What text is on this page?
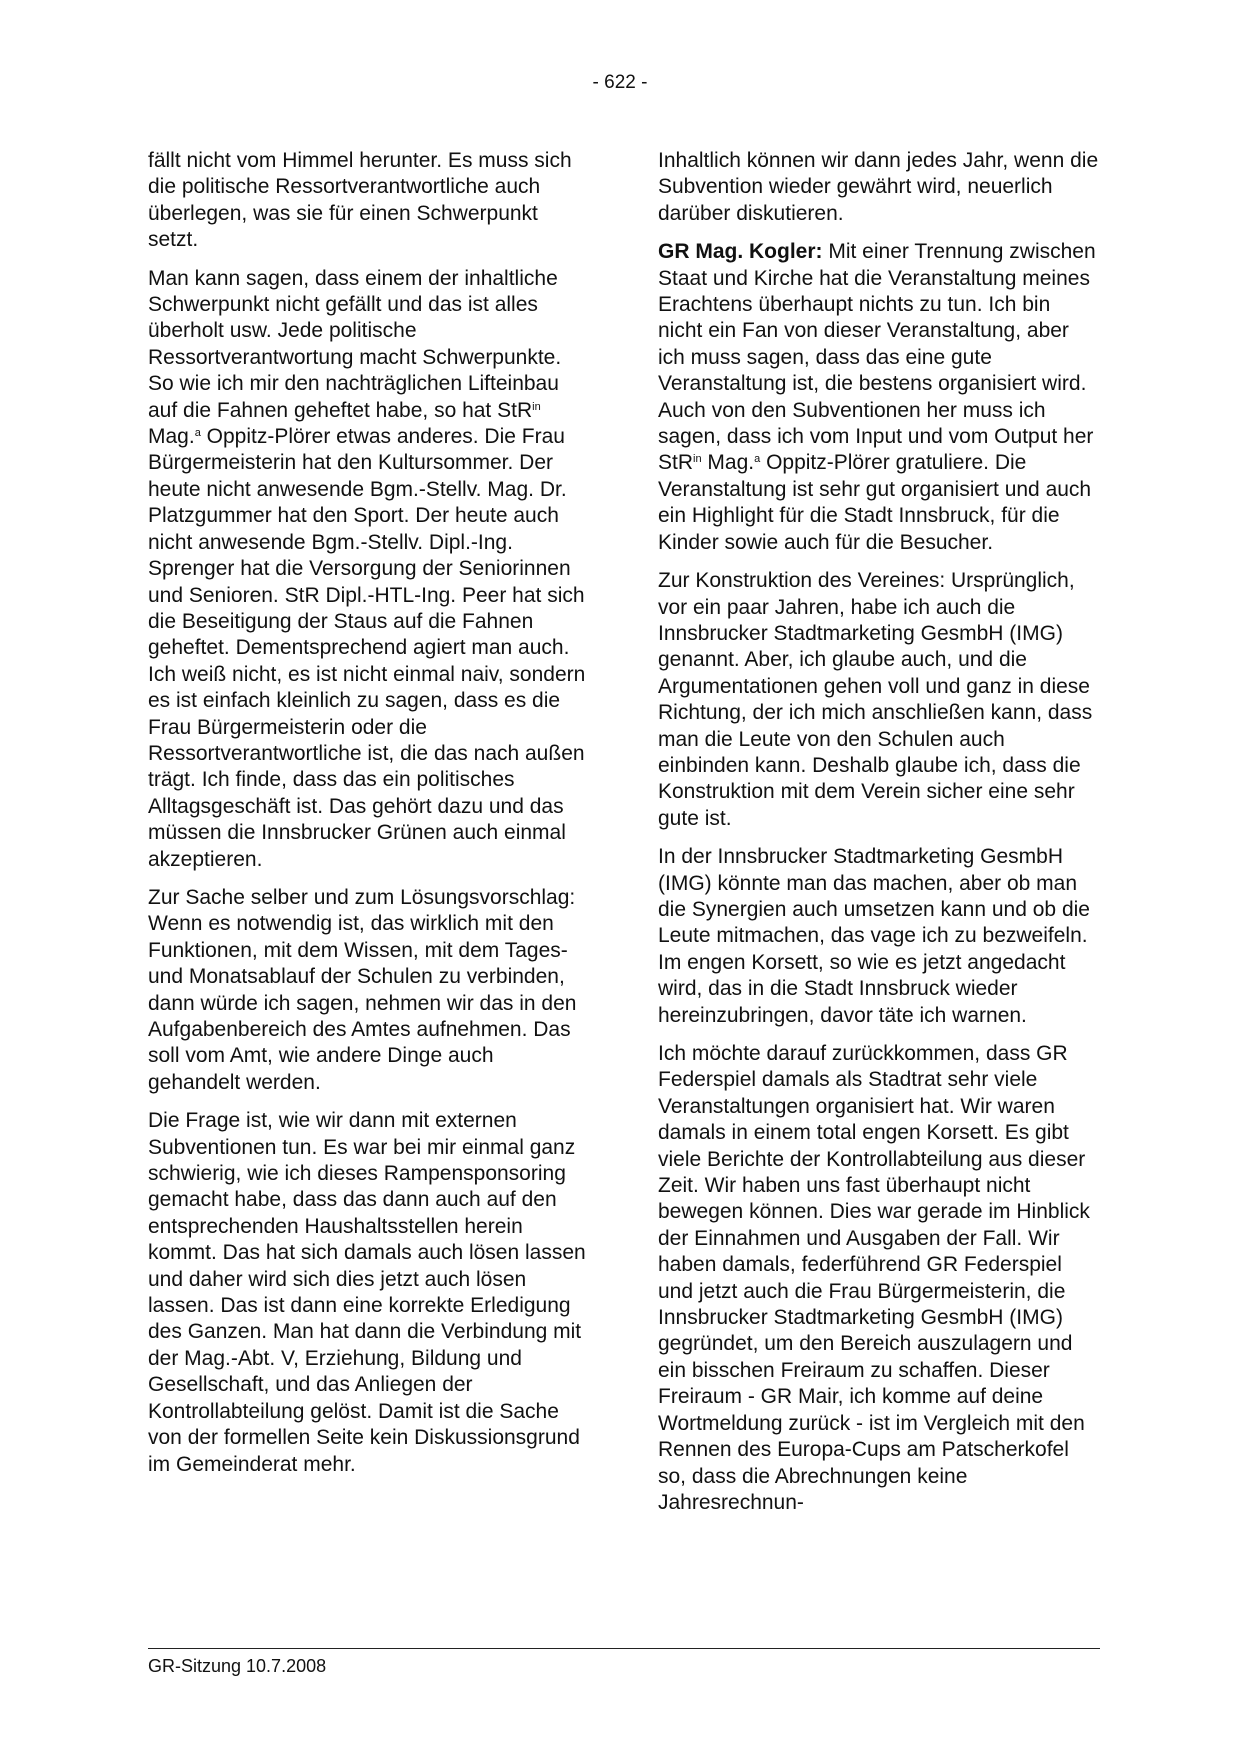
- 622 -

fällt nicht vom Himmel herunter. Es muss sich die politische Ressortverantwortliche auch überlegen, was sie für einen Schwerpunkt setzt.

Man kann sagen, dass einem der inhaltliche Schwerpunkt nicht gefällt und das ist alles überholt usw. Jede politische Ressortverantwortung macht Schwerpunkte. So wie ich mir den nachträglichen Lifteinbau auf die Fahnen geheftet habe, so hat StR$^{in}$ Mag.$^a$ Oppitz-Plörer etwas anderes. Die Frau Bürgermeisterin hat den Kultursommer. Der heute nicht anwesende Bgm.-Stellv. Mag. Dr. Platzgummer hat den Sport. Der heute auch nicht anwesende Bgm.-Stellv. Dipl.-Ing. Sprenger hat die Versorgung der Seniorinnen und Senioren. StR Dipl.-HTL-Ing. Peer hat sich die Beseitigung der Staus auf die Fahnen geheftet. Dementsprechend agiert man auch. Ich weiß nicht, es ist nicht einmal naiv, sondern es ist einfach kleinlich zu sagen, dass es die Frau Bürgermeisterin oder die Ressortverantwortliche ist, die das nach außen trägt. Ich finde, dass das ein politisches Alltagsgeschäft ist. Das gehört dazu und das müssen die Innsbrucker Grünen auch einmal akzeptieren.

Zur Sache selber und zum Lösungsvorschlag: Wenn es notwendig ist, das wirklich mit den Funktionen, mit dem Wissen, mit dem Tages- und Monatsablauf der Schulen zu verbinden, dann würde ich sagen, nehmen wir das in den Aufgabenbereich des Amtes aufnehmen. Das soll vom Amt, wie andere Dinge auch gehandelt werden.

Die Frage ist, wie wir dann mit externen Subventionen tun. Es war bei mir einmal ganz schwierig, wie ich dieses Rampensponsoring gemacht habe, dass das dann auch auf den entsprechenden Haushaltsstellen herein kommt. Das hat sich damals auch lösen lassen und daher wird sich dies jetzt auch lösen lassen. Das ist dann eine korrekte Erledigung des Ganzen. Man hat dann die Verbindung mit der Mag.-Abt. V, Erziehung, Bildung und Gesellschaft, und das Anliegen der Kontrollabteilung gelöst. Damit ist die Sache von der formellen Seite kein Diskussionsgrund im Gemeinderat mehr.

Inhaltlich können wir dann jedes Jahr, wenn die Subvention wieder gewährt wird, neuerlich darüber diskutieren.

GR Mag. Kogler: Mit einer Trennung zwischen Staat und Kirche hat die Veranstaltung meines Erachtens überhaupt nichts zu tun. Ich bin nicht ein Fan von dieser Veranstaltung, aber ich muss sagen, dass das eine gute Veranstaltung ist, die bestens organisiert wird. Auch von den Subventionen her muss ich sagen, dass ich vom Input und vom Output her StR$^{in}$ Mag.$^a$ Oppitz-Plörer gratuliere. Die Veranstaltung ist sehr gut organisiert und auch ein Highlight für die Stadt Innsbruck, für die Kinder sowie auch für die Besucher.

Zur Konstruktion des Vereines: Ursprünglich, vor ein paar Jahren, habe ich auch die Innsbrucker Stadtmarketing GesmbH (IMG) genannt. Aber, ich glaube auch, und die Argumentationen gehen voll und ganz in diese Richtung, der ich mich anschließen kann, dass man die Leute von den Schulen auch einbinden kann. Deshalb glaube ich, dass die Konstruktion mit dem Verein sicher eine sehr gute ist.

In der Innsbrucker Stadtmarketing GesmbH (IMG) könnte man das machen, aber ob man die Synergien auch umsetzen kann und ob die Leute mitmachen, das vage ich zu bezweifeln. Im engen Korsett, so wie es jetzt angedacht wird, das in die Stadt Innsbruck wieder hereinzubringen, davor täte ich warnen.

Ich möchte darauf zurückkommen, dass GR Federspiel damals als Stadtrat sehr viele Veranstaltungen organisiert hat. Wir waren damals in einem total engen Korsett. Es gibt viele Berichte der Kontrollabteilung aus dieser Zeit. Wir haben uns fast überhaupt nicht bewegen können. Dies war gerade im Hinblick der Einnahmen und Ausgaben der Fall. Wir haben damals, federführend GR Federspiel und jetzt auch die Frau Bürgermeisterin, die Innsbrucker Stadtmarketing GesmbH (IMG) gegründet, um den Bereich auszulagern und ein bisschen Freiraum zu schaffen. Dieser Freiraum - GR Mair, ich komme auf deine Wortmeldung zurück - ist im Vergleich mit den Rennen des Europa-Cups am Patscherkofel so, dass die Abrechnungen keine Jahresrechnun-

GR-Sitzung 10.7.2008
